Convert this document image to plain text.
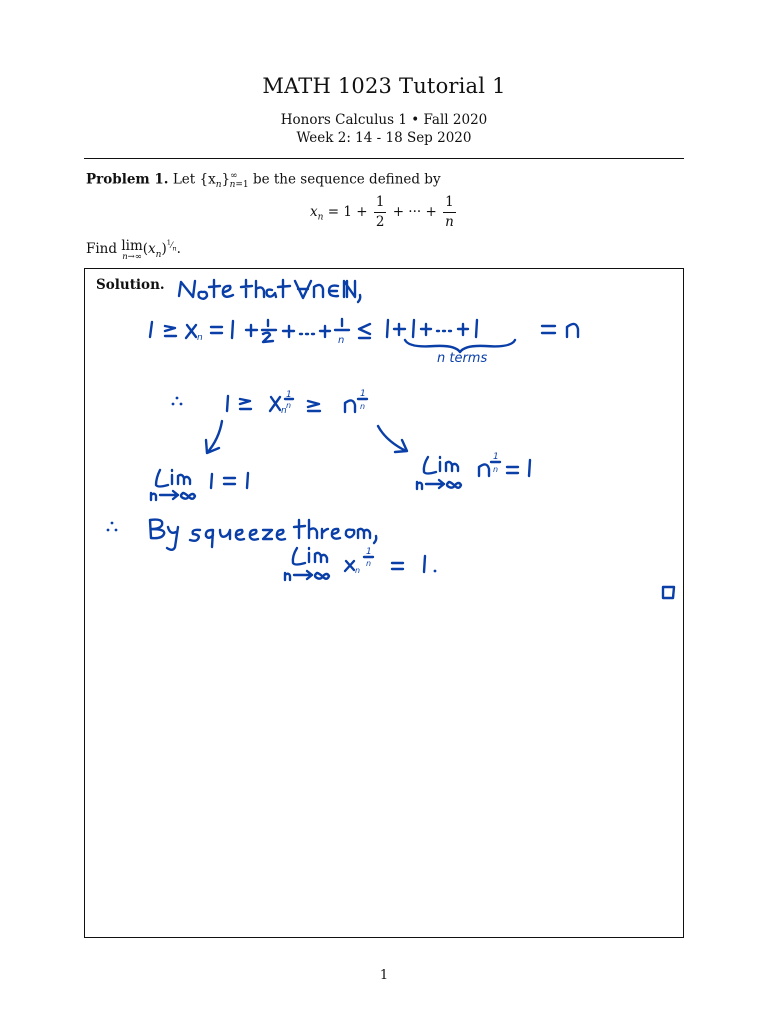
MATH 1023 Tutorial 1
Honors Calculus 1 • Fall 2020
Week 2: 14 - 18 Sep 2020
Problem 1. Let $\{x_n\}^\infty_{n=1}$ be the sequence defined by
$x_n = 1 + \frac{1}{2}$ + ··· + $\frac{1}{n}$
Find lim
n→∞ $(x_n)^{^1⁄_n}$.
Solution.
n	n
n terms
n
1
n
1
n
1
n
n
1
n
1
